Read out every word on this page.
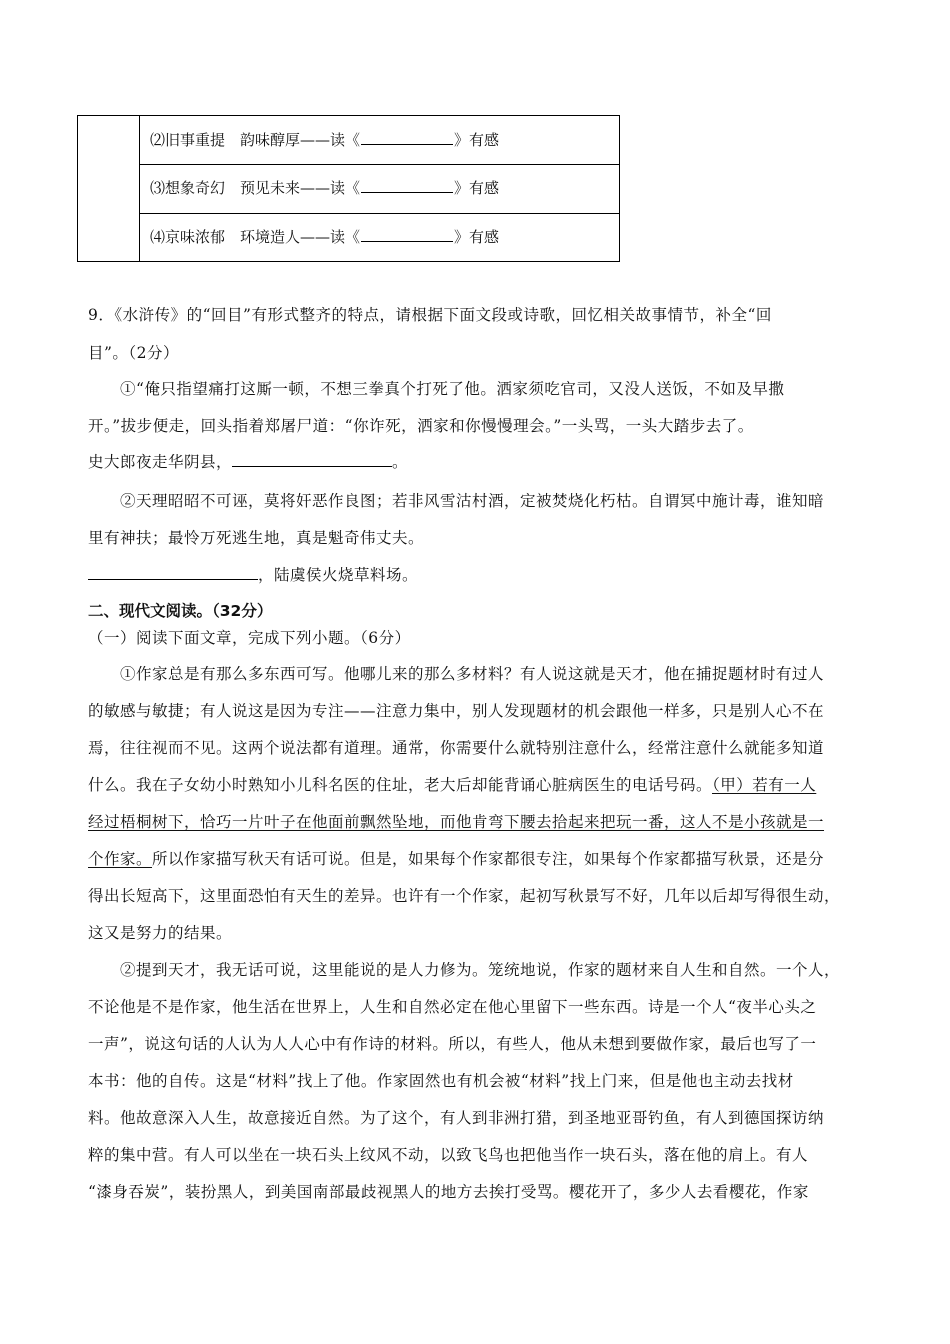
⑵旧事重提　韵味醇厚——读《	》有感
⑶想象奇幻　预见未来——读《	》有感
⑷京味浓郁　环境造人——读《	》有感
9．《水浒传》的“回目”有形式整齐的特点，请根据下面文段或诗歌，回忆相关故事情节，补全“回
目”。（2分）
①“俺只指望痛打这厮一顿，不想三拳真个打死了他。洒家须吃官司，又没人送饭，不如及早撒
开。”拔步便走，回头指着郑屠尸道：“你诈死，洒家和你慢慢理会。”一头骂，一头大踏步去了。
史大郎夜走华阴县，	。
②天理昭昭不可诬，莫将奸恶作良图；若非风雪沽村酒，定被焚烧化朽枯。自谓冥中施计毒，谁知暗
里有神扶；最怜万死逃生地，真是魁奇伟丈夫。
，陆虞侯火烧草料场。
二、现代文阅读。（32分）
（一）阅读下面文章，完成下列小题。（6分）
①作家总是有那么多东西可写。他哪儿来的那么多材料？有人说这就是天才，他在捕捉题材时有过人
的敏感与敏捷；有人说这是因为专注——注意力集中，别人发现题材的机会跟他一样多，只是别人心不在
焉，往往视而不见。这两个说法都有道理。通常，你需要什么就特别注意什么，经常注意什么就能多知道
什么。我在子女幼小时熟知小儿科名医的住址，老大后却能背诵心脏病医生的电话号码。（甲）若有一人
经过梧桐树下，恰巧一片叶子在他面前飘然坠地，而他肯弯下腰去拾起来把玩一番，这人不是小孩就是一
个作家。所以作家描写秋天有话可说。但是，如果每个作家都很专注，如果每个作家都描写秋景，还是分
得出长短高下，这里面恐怕有天生的差异。也许有一个作家，起初写秋景写不好，几年以后却写得很生动，
这又是努力的结果。
②提到天才，我无话可说，这里能说的是人力修为。笼统地说，作家的题材来自人生和自然。一个人，
不论他是不是作家，他生活在世界上，人生和自然必定在他心里留下一些东西。诗是一个人“夜半心头之
一声”，说这句话的人认为人人心中有作诗的材料。所以，有些人，他从未想到要做作家，最后也写了一
本书：他的自传。这是“材料”找上了他。作家固然也有机会被“材料”找上门来，但是他也主动去找材
料。他故意深入人生，故意接近自然。为了这个，有人到非洲打猎，到圣地亚哥钓鱼，有人到德国探访纳
粹的集中营。有人可以坐在一块石头上纹风不动，以致飞鸟也把他当作一块石头，落在他的肩上。有人
“漆身吞炭”，装扮黑人，到美国南部最歧视黑人的地方去挨打受骂。樱花开了，多少人去看樱花，作家
